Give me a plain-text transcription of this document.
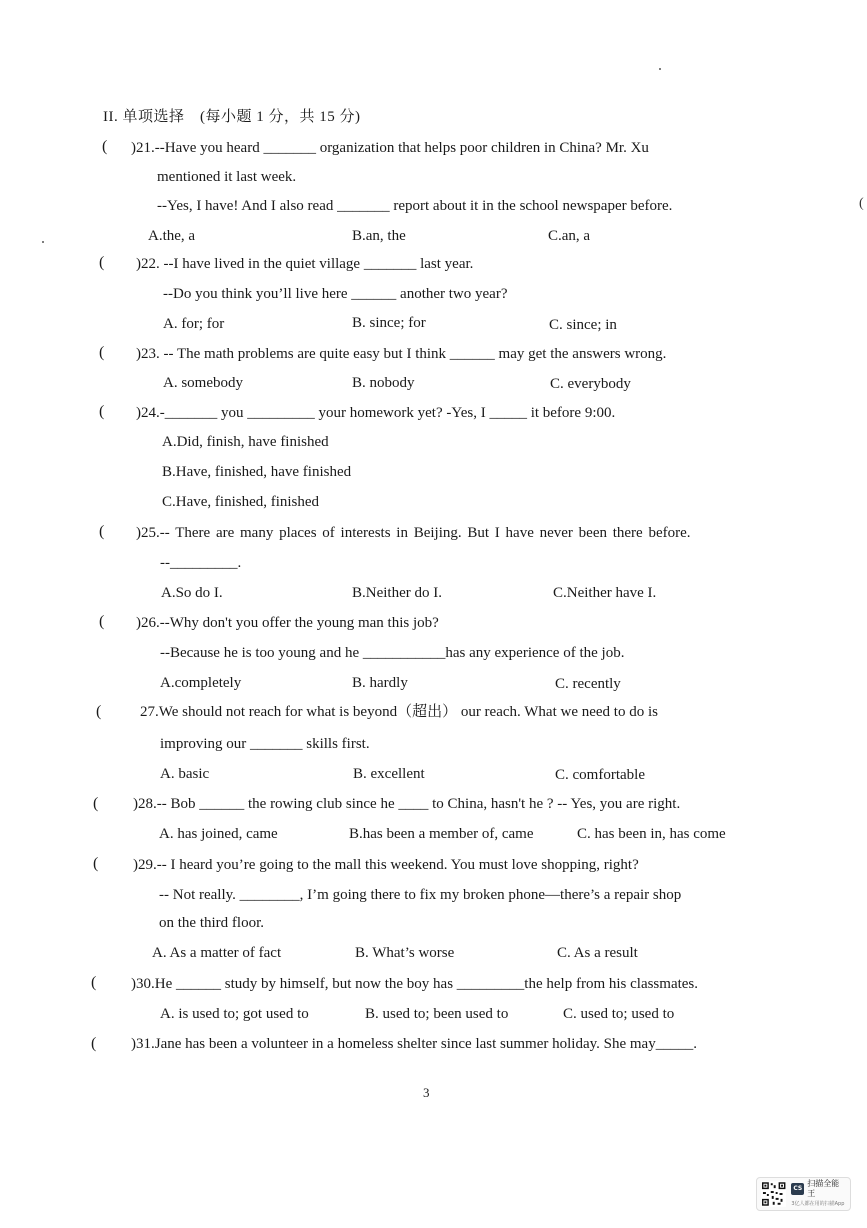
(
II. 单项选择　(每小题 1 分，共 15 分)
( )21.--Have you heard _______ organization that helps poor children in China? Mr. Xu
mentioned it last week.
--Yes, I have! And I also read _______ report about it in the school newspaper before.
A.the, a	B.an, the	C.an, a
( )22. --I have lived in the quiet village _______ last year.
--Do you think you’ll live here ______ another two year?
A. for; for	B. since; for	C. since; in
( )23. -- The math problems are quite easy but I think ______ may get the answers wrong.
A. somebody	B. nobody	C. everybody
( )24.-_______ you _________ your homework yet? -Yes, I _____ it before 9:00.
A.Did, finish, have finished
B.Have, finished, have finished
C.Have, finished, finished
( )25.-- There are many places of interests in Beijing. But I have never been there before.
--_________.
A.So do I.	B.Neither do I.	C.Neither have I.
( )26.--Why don't you offer the young man this job?
--Because he is too young and he ___________has any experience of the job.
A.completely	B. hardly	C. recently
(	27.We should not reach for what is beyond（超出） our reach. What we need to do is
improving our _______ skills first.
A. basic	B. excellent	C. comfortable
( )28.-- Bob ______ the rowing club since he ____ to China, hasn't he ? -- Yes, you are right.
A. has joined, came	B.has been a member of, came	C. has been in, has come
( )29.-- I heard you’re going to the mall this weekend. You must love shopping, right?
-- Not really. ________, I’m going there to fix my broken phone—there’s a repair shop
on the third floor.
A. As a matter of fact	B. What’s worse	C. As a result
( )30.He ______ study by himself, but now the boy has _________the help from his classmates.
A. is used to; got used to	B. used to; been used to	C. used to; used to
( )31.Jane has been a volunteer in a homeless shelter since last summer holiday. She may_____.
3
CS
扫描全能王
3亿人都在用的扫描App
